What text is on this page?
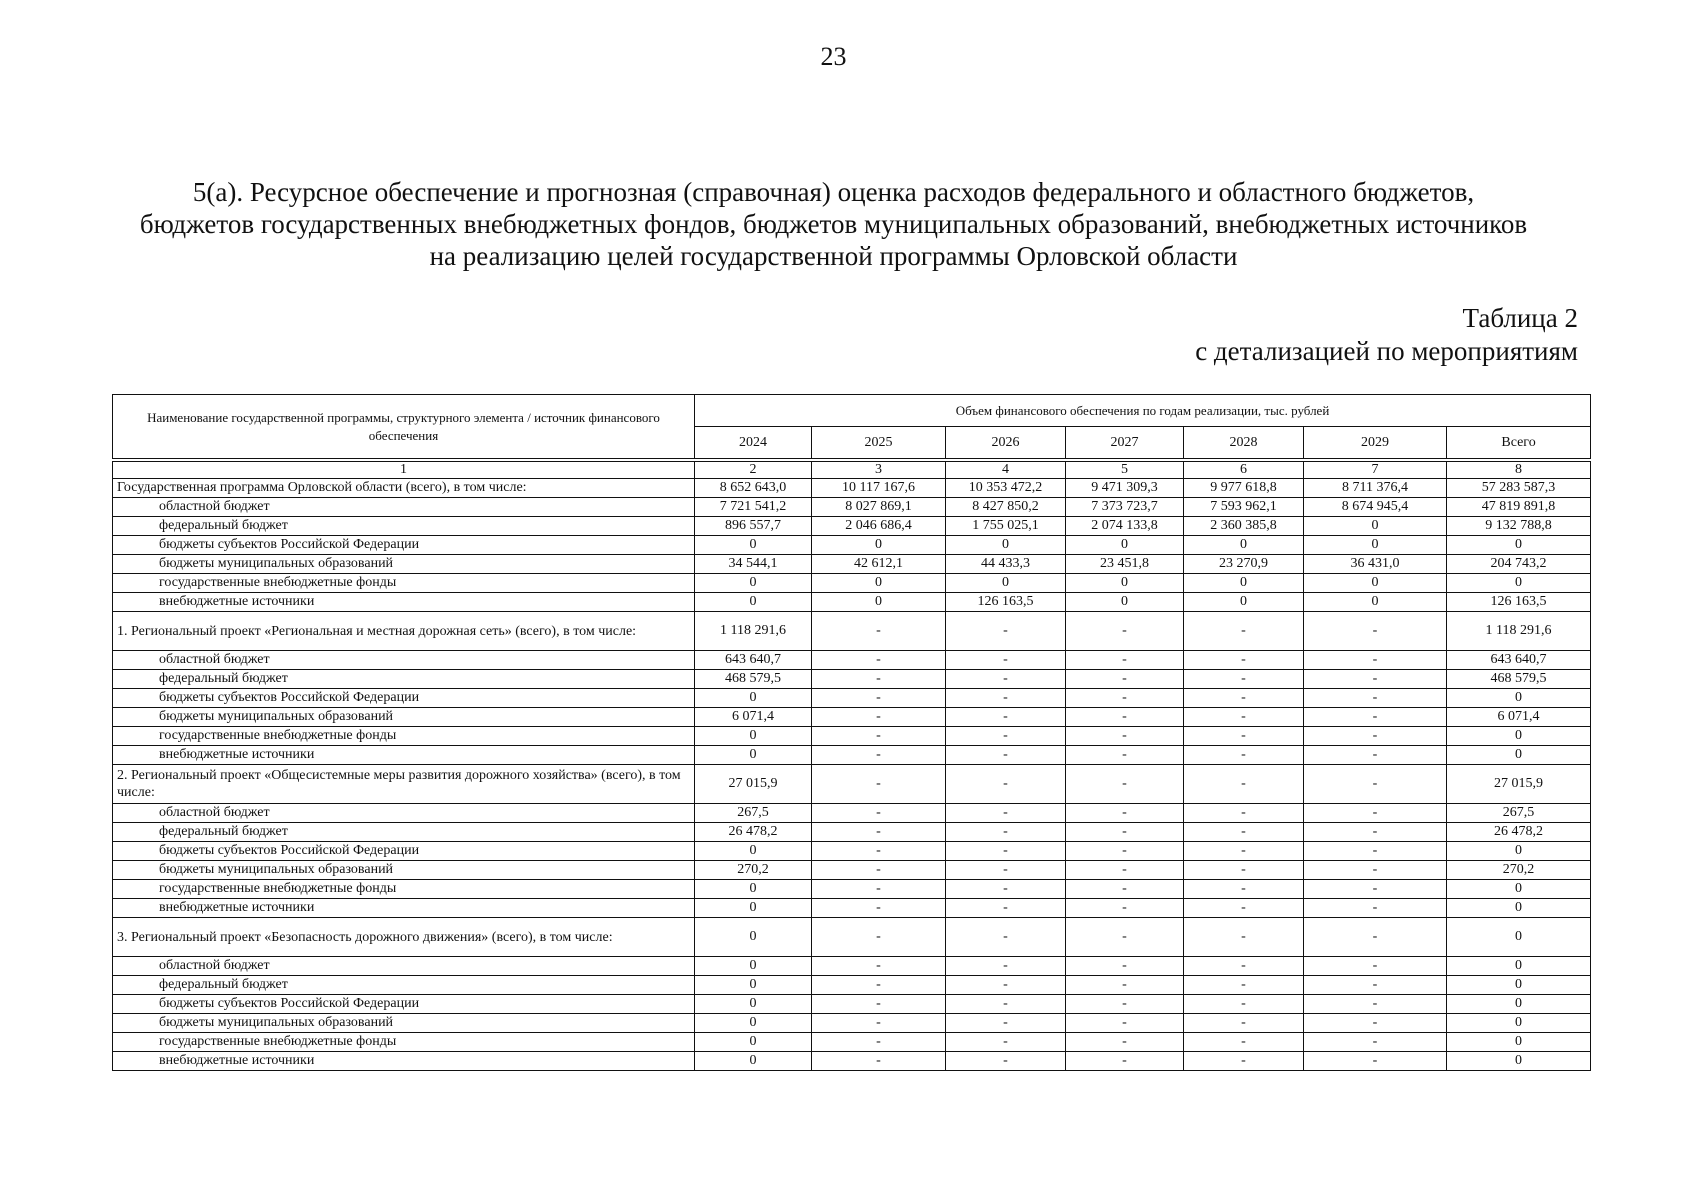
23
5(а). Ресурсное обеспечение и прогнозная (справочная) оценка расходов федерального и областного бюджетов,
бюджетов государственных внебюджетных фондов, бюджетов муниципальных образований, внебюджетных источников
на реализацию целей государственной программы Орловской области
Таблица 2
с детализацией по мероприятиям
Наименование государственной программы, структурного элемента / источник финансового обеспечения	Объем финансового обеспечения по годам реализации, тыс. рублей						
	2024	2025	2026	2027	2028	2029	Всего

1	2	3	4	5	6	7	8
Государственная программа Орловской области (всего), в том числе:	8 652 643,0	10 117 167,6	10 353 472,2	9 471 309,3	9 977 618,8	8 711 376,4	57 283 587,3
областной бюджет	7 721 541,2	8 027 869,1	8 427 850,2	7 373 723,7	7 593 962,1	8 674 945,4	47 819 891,8
федеральный бюджет	896 557,7	2 046 686,4	1 755 025,1	2 074 133,8	2 360 385,8	0	9 132 788,8
бюджеты субъектов Российской Федерации	0	0	0	0	0	0	0
бюджеты муниципальных образований	34 544,1	42 612,1	44 433,3	23 451,8	23 270,9	36 431,0	204 743,2
государственные внебюджетные фонды	0	0	0	0	0	0	0
внебюджетные источники	0	0	126 163,5	0	0	0	126 163,5
1. Региональный проект «Региональная и местная дорожная сеть» (всего), в том числе:	1 118 291,6	-	-	-	-	-	1 118 291,6
областной бюджет	643 640,7	-	-	-	-	-	643 640,7
федеральный бюджет	468 579,5	-	-	-	-	-	468 579,5
бюджеты субъектов Российской Федерации	0	-	-	-	-	-	0
бюджеты муниципальных образований	6 071,4	-	-	-	-	-	6 071,4
государственные внебюджетные фонды	0	-	-	-	-	-	0
внебюджетные источники	0	-	-	-	-	-	0
2. Региональный проект «Общесистемные меры развития дорожного хозяйства» (всего), в том числе:	27 015,9	-	-	-	-	-	27 015,9
областной бюджет	267,5	-	-	-	-	-	267,5
федеральный бюджет	26 478,2	-	-	-	-	-	26 478,2
бюджеты субъектов Российской Федерации	0	-	-	-	-	-	0
бюджеты муниципальных образований	270,2	-	-	-	-	-	270,2
государственные внебюджетные фонды	0	-	-	-	-	-	0
внебюджетные источники	0	-	-	-	-	-	0
3. Региональный проект «Безопасность дорожного движения» (всего), в том числе:	0	-	-	-	-	-	0
областной бюджет	0	-	-	-	-	-	0
федеральный бюджет	0	-	-	-	-	-	0
бюджеты субъектов Российской Федерации	0	-	-	-	-	-	0
бюджеты муниципальных образований	0	-	-	-	-	-	0
государственные внебюджетные фонды	0	-	-	-	-	-	0
внебюджетные источники	0	-	-	-	-	-	0
